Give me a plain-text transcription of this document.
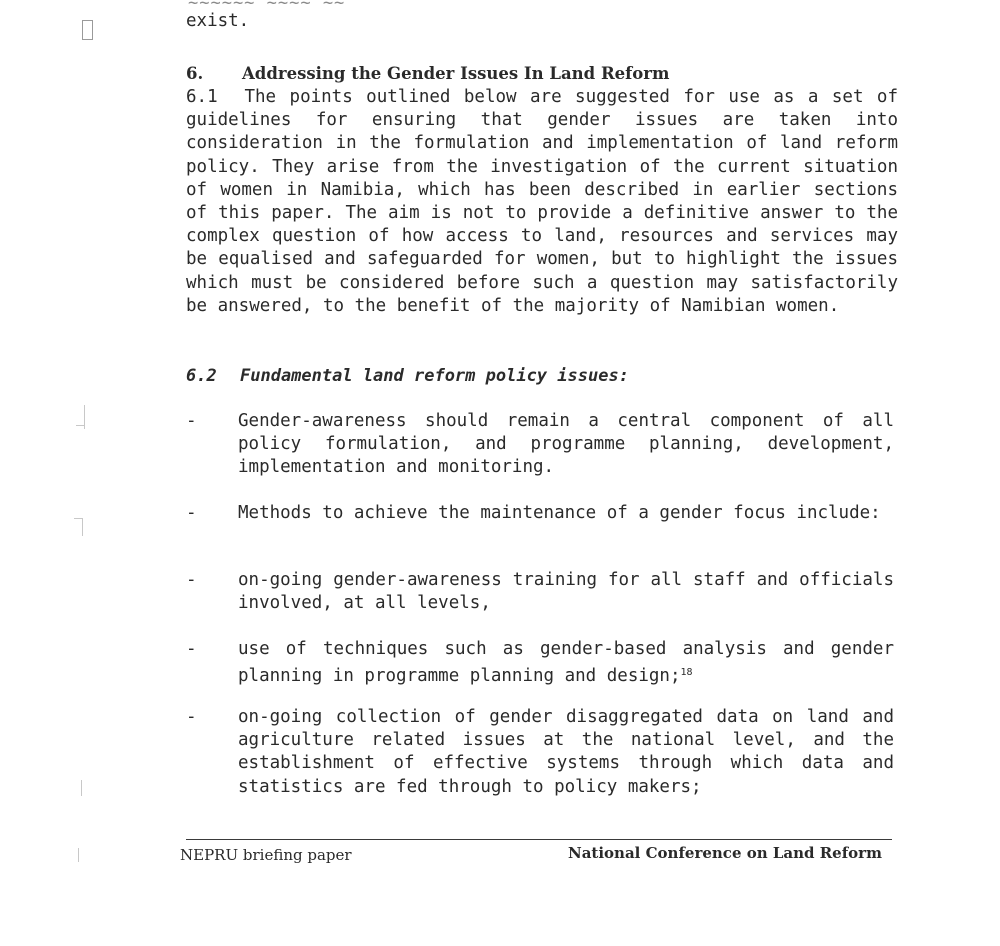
~~~~~~ ~~~~ ~~
exist.
6. Addressing the Gender Issues In Land Reform

6.1 The points outlined below are suggested for use as a set of guidelines for ensuring that gender issues are taken into consideration in the formulation and implementation of land reform policy. They arise from the investigation of the current situation of women in Namibia, which has been described in earlier sections of this paper. The aim is not to provide a definitive answer to the complex question of how access to land, resources and services may be equalised and safeguarded for women, but to highlight the issues which must be considered before such a question may satisfactorily be answered, to the benefit of the majority of Namibian women.

6.2 Fundamental land reform policy issues:
-	Gender-awareness should remain a central component of all policy formulation, and programme planning, development, implementation and monitoring.
-	Methods to achieve the maintenance of a gender focus include:
-	on-going gender-awareness training for all staff and officials involved, at all levels,
-	use of techniques such as gender-based analysis and gender planning in programme planning and design;$^{18}$
-	on-going collection of gender disaggregated data on land and agriculture related issues at the national level, and the establishment of effective systems through which data and statistics are fed through to policy makers;
NEPRU briefing paper	National Conference on Land Reform
